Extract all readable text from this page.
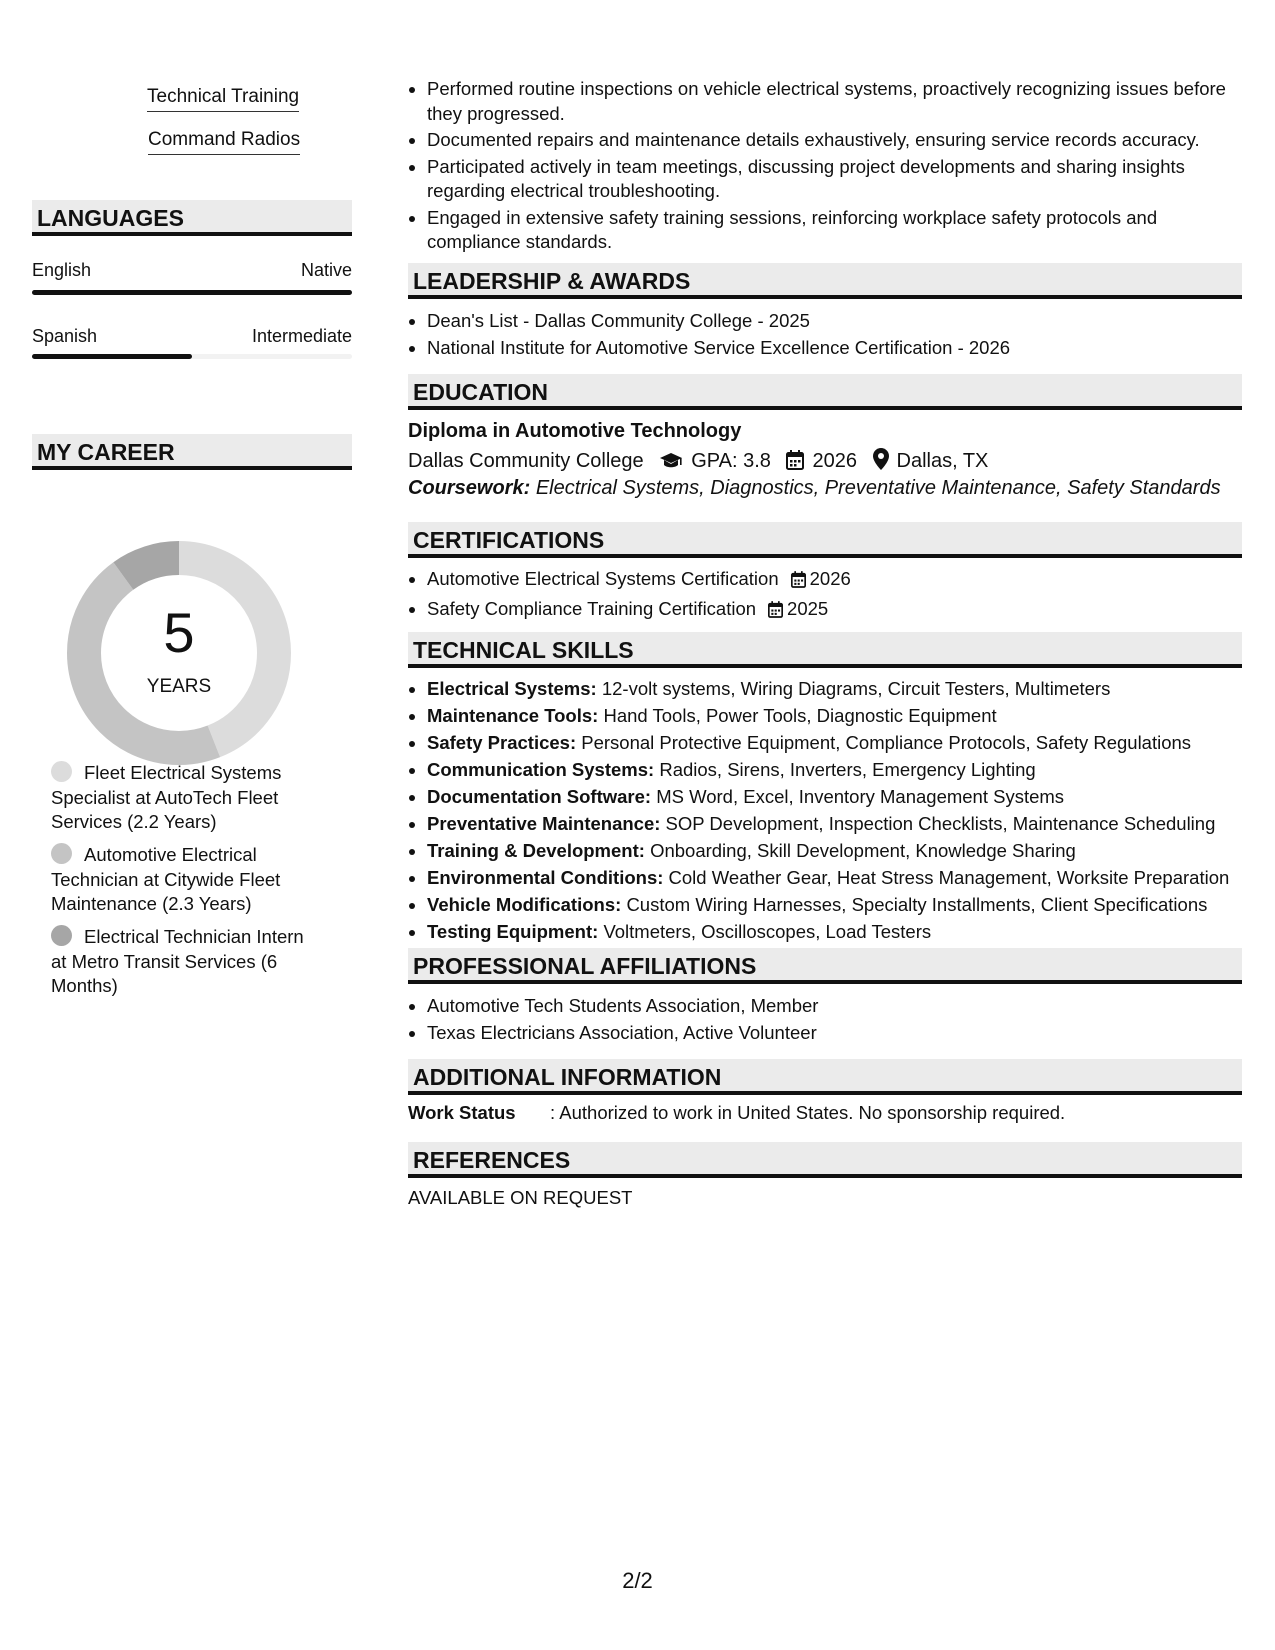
Technical Training
Command Radios
LANGUAGES
English	Native
Spanish	Intermediate
MY CAREER
5
YEARS
Fleet Electrical Systems Specialist at AutoTech Fleet Services (2.2 Years)
Automotive Electrical Technician at Citywide Fleet Maintenance (2.3 Years)
Electrical Technician Intern at Metro Transit Services (6 Months)
• Performed routine inspections on vehicle electrical systems, proactively recognizing issues before they progressed.
• Documented repairs and maintenance details exhaustively, ensuring service records accuracy.
• Participated actively in team meetings, discussing project developments and sharing insights regarding electrical troubleshooting.
• Engaged in extensive safety training sessions, reinforcing workplace safety protocols and compliance standards.
LEADERSHIP & AWARDS
• Dean's List - Dallas Community College - 2025
• National Institute for Automotive Service Excellence Certification - 2026
EDUCATION
Diploma in Automotive Technology
Dallas Community College GPA: 3.8 2026 Dallas, TX
Coursework: Electrical Systems, Diagnostics, Preventative Maintenance, Safety Standards
CERTIFICATIONS
• Automotive Electrical Systems Certification 2026
• Safety Compliance Training Certification 2025
TECHNICAL SKILLS
• Electrical Systems: 12-volt systems, Wiring Diagrams, Circuit Testers, Multimeters
• Maintenance Tools: Hand Tools, Power Tools, Diagnostic Equipment
• Safety Practices: Personal Protective Equipment, Compliance Protocols, Safety Regulations
• Communication Systems: Radios, Sirens, Inverters, Emergency Lighting
• Documentation Software: MS Word, Excel, Inventory Management Systems
• Preventative Maintenance: SOP Development, Inspection Checklists, Maintenance Scheduling
• Training & Development: Onboarding, Skill Development, Knowledge Sharing
• Environmental Conditions: Cold Weather Gear, Heat Stress Management, Worksite Preparation
• Vehicle Modifications: Custom Wiring Harnesses, Specialty Installments, Client Specifications
• Testing Equipment: Voltmeters, Oscilloscopes, Load Testers
PROFESSIONAL AFFILIATIONS
• Automotive Tech Students Association, Member
• Texas Electricians Association, Active Volunteer
ADDITIONAL INFORMATION
Work Status : Authorized to work in United States. No sponsorship required.
REFERENCES
AVAILABLE ON REQUEST
2/2
